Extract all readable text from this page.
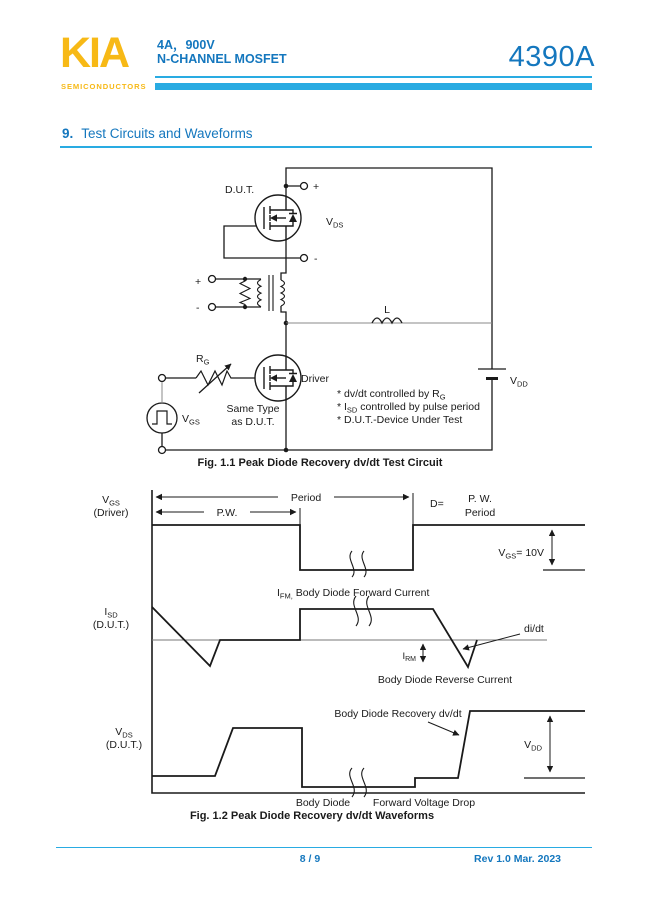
KIA
SEMICONDUCTORS
4A，900V
N-CHANNEL MOSFET	4390A
9. Test Circuits and Waveforms
D.U.T.	+
-
$V_{DS}$
+
-
$R_G$
Driver
Same Type
as D.U.T.
$V_{GS}$
L
$V_{DD}$
* dv/dt controlled by $R_G$
* $I_{SD}$ controlled by pulse period
* D.U.T.-Device Under Test
Fig. 1.1 Peak Diode Recovery dv/dt Test Circuit
$V_{GS}$
(Driver)
Period
P.W.
D= P. W.
Period
$V_{GS}= 10V$
$I_{FM,}$ Body Diode Forward Current
$I_{SD}$
(D.U.T.)
$I_{RM}$
di/dt
Body Diode Reverse Current
$V_{DS}$
(D.U.T.)
Body Diode Recovery dv/dt
$V_{DD}$
Body Diode Forward Voltage Drop
Fig. 1.2 Peak Diode Recovery dv/dt Waveforms
8 / 9	Rev 1.0 Mar. 2023
